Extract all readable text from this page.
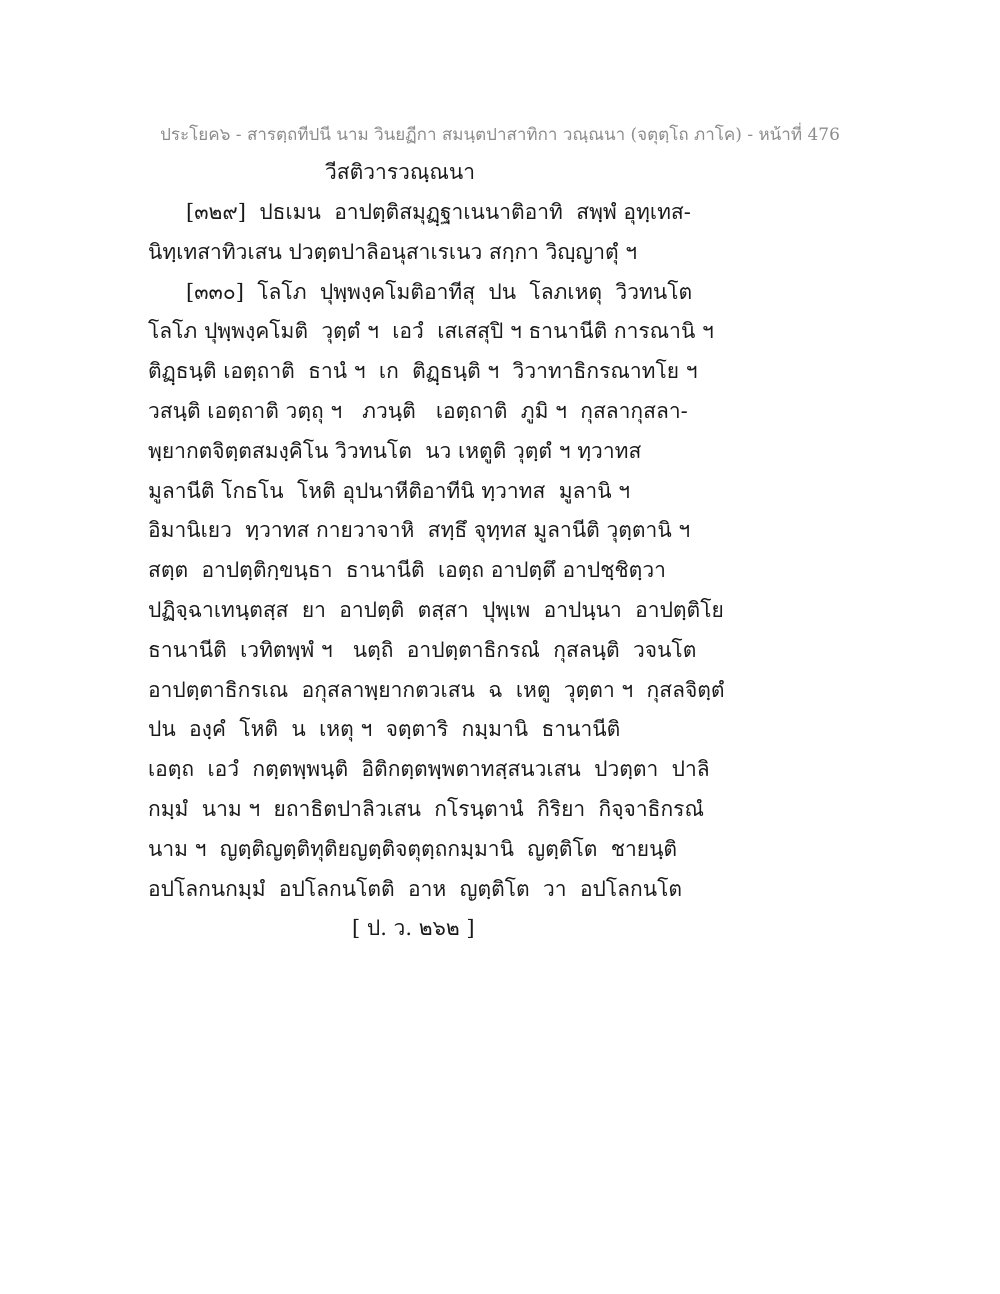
ประโยค๖ - สารตฺถทีปนี นาม วินยฏีกา สมนฺตปาสาทิกา วณฺณนา (จตุตฺโถ ภาโค) - หน้าที่ 476
วีสติวารวณฺณนา
[๓๒๙]  ปธเมน  อาปตฺติสมุฏฺฐาเนนาติอาทิ  สพฺพํ อุทฺเทส-
นิทฺเทสาทิวเสน ปวตฺตปาลิอนุสาเรเนว สกฺกา วิญฺญาตุํ ฯ
[๓๓๐]  โลโภ  ปุพฺพงฺคโมติอาทีสุ  ปน  โลภเหตุ  วิวทนโต
โลโภ ปุพฺพงฺคโมติ  วุตฺตํ ฯ  เอวํ  เสเสสุปิ ฯ ธานานีติ การณานิ ฯ
ติฏฺธนฺติ เอตฺถาติ  ธานํ ฯ  เก  ติฏฺธนฺติ ฯ  วิวาทาธิกรณาทโย ฯ
วสนฺติ เอตฺถาติ วตฺถุ ฯ   ภวนฺติ   เอตฺถาติ  ภูมิ ฯ  กุสลากุสลา-
พฺยากตจิตฺตสมงฺคิโน วิวทนโต  นว เหตูติ วุตฺตํ ฯ ทฺวาทส
มูลานีติ โกธโน  โหติ อุปนาหีติอาทีนิ ทฺวาทส  มูลานิ ฯ
อิมานิเยว  ทฺวาทส กายวาจาหิ  สทฺธึ จุทฺทส มูลานีติ วุตฺตานิ ฯ
สตฺต  อาปตฺติกฺขนฺธา  ธานานีติ  เอตฺถ อาปตฺตึ อาปชฺชิตฺวา
ปฏิจฺฉาเทนฺตสฺส  ยา  อาปตฺติ  ตสฺสา  ปุพฺเพ  อาปนฺนา  อาปตฺติโย
ธานานีติ  เวทิตพฺพํ ฯ   นตฺถิ  อาปตฺตาธิกรณํ  กุสลนฺติ  วจนโต
อาปตฺตาธิกรเณ  อกุสลาพฺยากตวเสน  ฉ  เหตู  วุตฺตา ฯ  กุสลจิตฺตํ
ปน  องฺคํ  โหติ  น  เหตุ ฯ  จตฺตาริ  กมฺมานิ  ธานานีติ
เอตฺถ  เอวํ  กตฺตพฺพนฺติ  อิติกตฺตพฺพตาทสฺสนวเสน  ปวตฺตา  ปาลิ
กมฺมํ  นาม ฯ  ยถาธิตปาลิวเสน  กโรนฺตานํ  กิริยา  กิจฺจาธิกรณํ
นาม ฯ  ญตฺติญตฺติทุติยญตฺติจตุตฺถกมฺมานิ  ญตฺติโต  ชายนฺติ
อปโลกนกมฺมํ  อปโลกนโตติ  อาห  ญตฺติโต  วา  อปโลกนโต
[ ป. ว. ๒๖๒ ]
